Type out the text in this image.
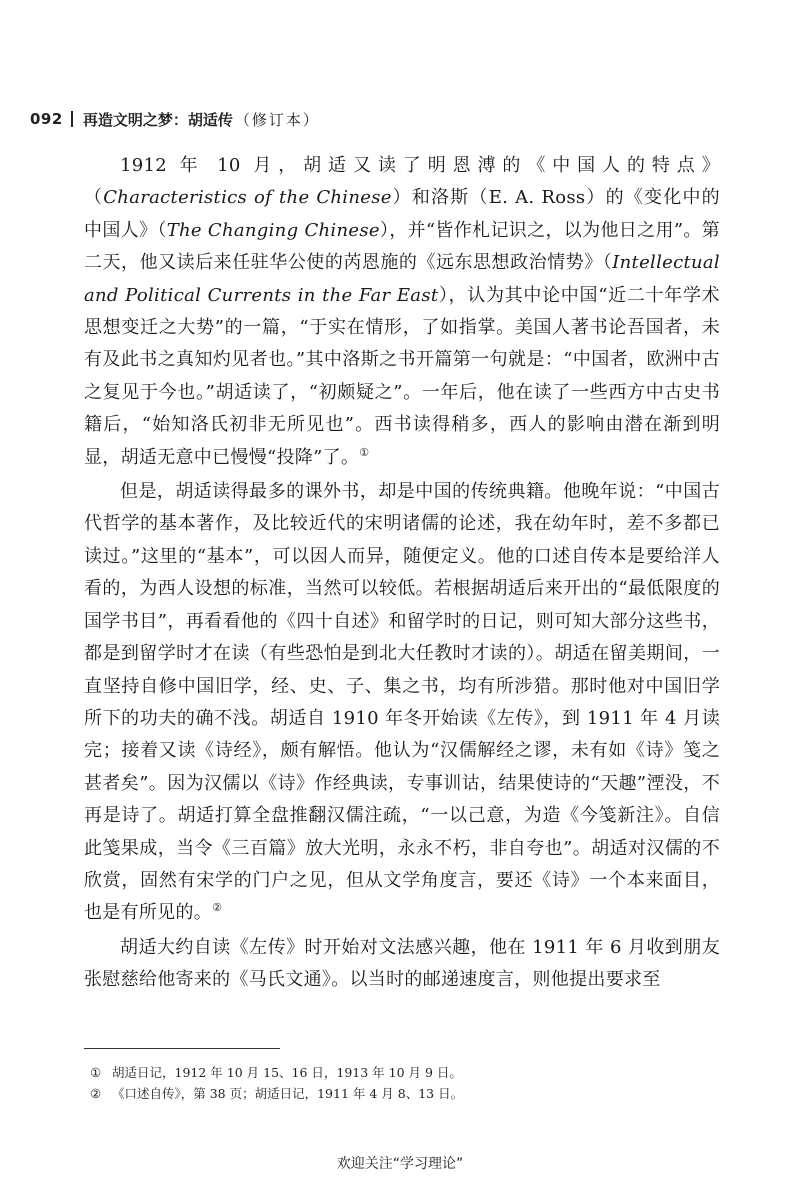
092 再造文明之梦：胡适传 （修订本）

1912 年 10 月，胡适又读了明恩溥的《中国人的特点》（Characteristics of the Chinese）和洛斯（E. A. Ross）的《变化中的中国人》（The Changing Chinese），并“皆作札记识之，以为他日之用”。第二天，他又读后来任驻华公使的芮恩施的《远东思想政治情势》（Intellectual and Political Currents in the Far East），认为其中论中国“近二十年学术思想变迁之大势”的一篇，“于实在情形，了如指掌。美国人著书论吾国者，未有及此书之真知灼见者也。”其中洛斯之书开篇第一句就是：“中国者，欧洲中古之复见于今也。”胡适读了，“初颇疑之”。一年后，他在读了一些西方中古史书籍后，“始知洛氏初非无所见也”。西书读得稍多，西人的影响由潜在渐到明显，胡适无意中已慢慢“投降”了。①

但是，胡适读得最多的课外书，却是中国的传统典籍。他晚年说：“中国古代哲学的基本著作，及比较近代的宋明诸儒的论述，我在幼年时，差不多都已读过。”这里的“基本”，可以因人而异，随便定义。他的口述自传本是要给洋人看的，为西人设想的标准，当然可以较低。若根据胡适后来开出的“最低限度的国学书目”，再看看他的《四十自述》和留学时的日记，则可知大部分这些书，都是到留学时才在读（有些恐怕是到北大任教时才读的）。胡适在留美期间，一直坚持自修中国旧学，经、史、子、集之书，均有所涉猎。那时他对中国旧学所下的功夫的确不浅。胡适自 1910 年冬开始读《左传》，到 1911 年 4 月读完；接着又读《诗经》，颇有解悟。他认为“汉儒解经之谬，未有如《诗》笺之甚者矣”。因为汉儒以《诗》作经典读，专事训诂，结果使诗的“天趣”湮没，不再是诗了。胡适打算全盘推翻汉儒注疏，“一以己意，为造《今笺新注》。自信此笺果成，当令《三百篇》放大光明，永永不朽，非自夸也”。胡适对汉儒的不欣赏，固然有宋学的门户之见，但从文学角度言，要还《诗》一个本来面目，也是有所见的。②

胡适大约自读《左传》时开始对文法感兴趣，他在 1911 年 6 月收到朋友张慰慈给他寄来的《马氏文通》。以当时的邮递速度言，则他提出要求至

① 胡适日记，1912 年 10 月 15、16 日，1913 年 10 月 9 日。
② 《口述自传》，第 38 页；胡适日记，1911 年 4 月 8、13 日。
欢迎关注“学习理论”
